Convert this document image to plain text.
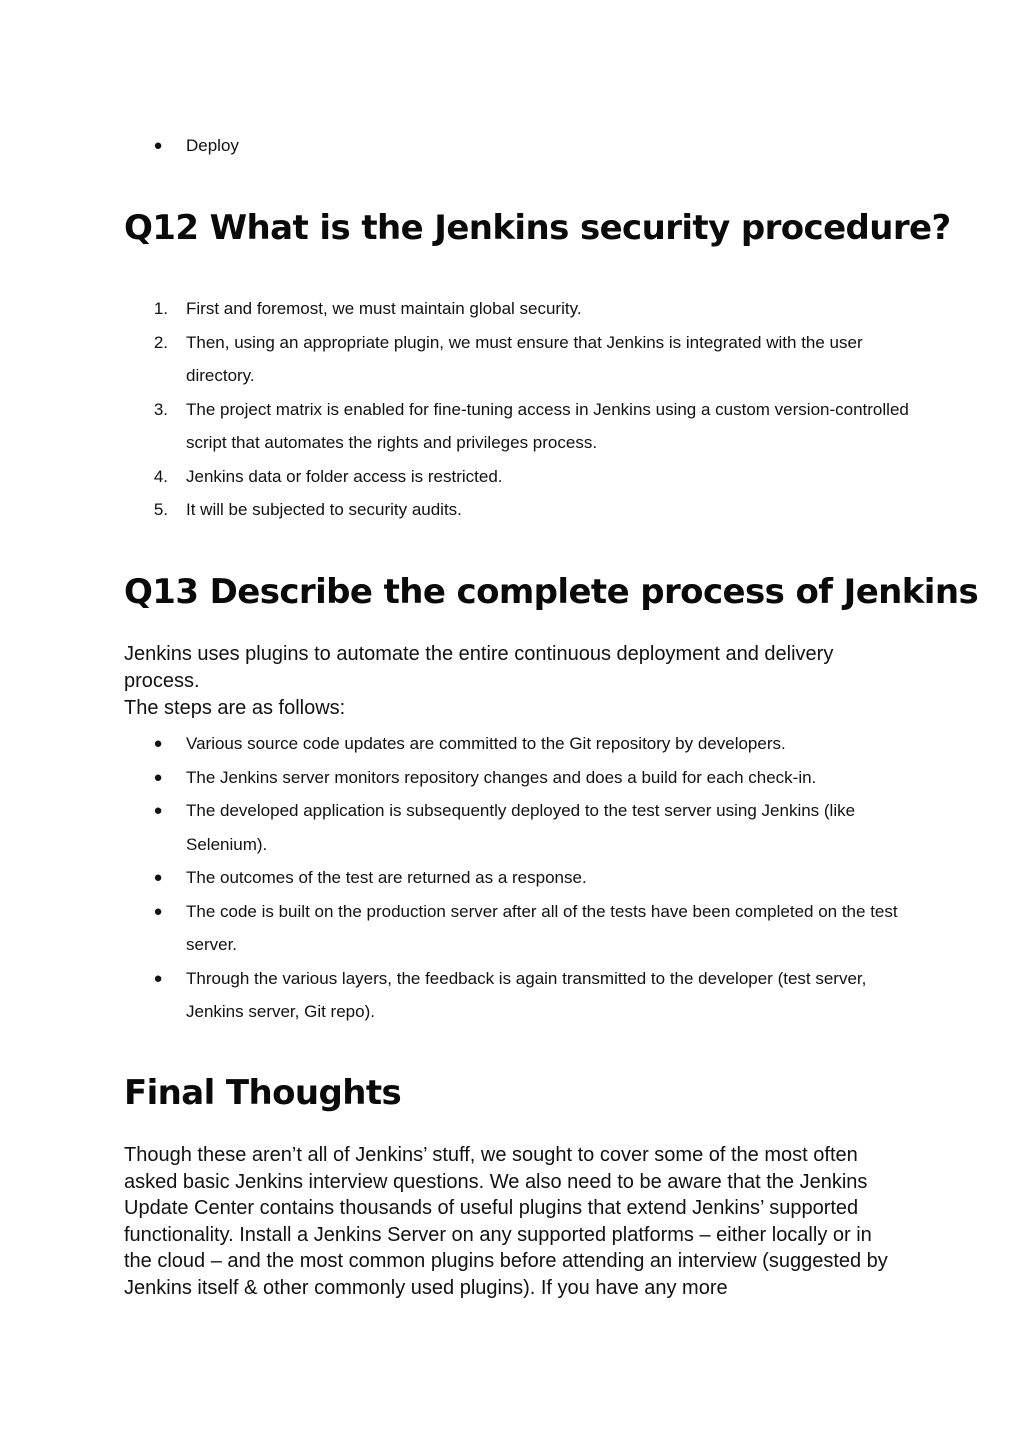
● Deploy
Q12 What is the Jenkins security procedure?
1. First and foremost, we must maintain global security.
2. Then, using an appropriate plugin, we must ensure that Jenkins is integrated with the user directory.
3. The project matrix is enabled for fine-tuning access in Jenkins using a custom version-controlled script that automates the rights and privileges process.
4. Jenkins data or folder access is restricted.
5. It will be subjected to security audits.
Q13 Describe the complete process of Jenkins

Jenkins uses plugins to automate the entire continuous deployment and delivery process.

The steps are as follows:

● Various source code updates are committed to the Git repository by developers.
● The Jenkins server monitors repository changes and does a build for each check-in.
● The developed application is subsequently deployed to the test server using Jenkins (like Selenium).
● The outcomes of the test are returned as a response.
● The code is built on the production server after all of the tests have been completed on the test server.
● Through the various layers, the feedback is again transmitted to the developer (test server, Jenkins server, Git repo).
Final Thoughts

Though these aren’t all of Jenkins’ stuff, we sought to cover some of the most often asked basic Jenkins interview questions. We also need to be aware that the Jenkins Update Center contains thousands of useful plugins that extend Jenkins’ supported functionality. Install a Jenkins Server on any supported platforms – either locally or in the cloud – and the most common plugins before attending an interview (suggested by Jenkins itself & other commonly used plugins). If you have any more
